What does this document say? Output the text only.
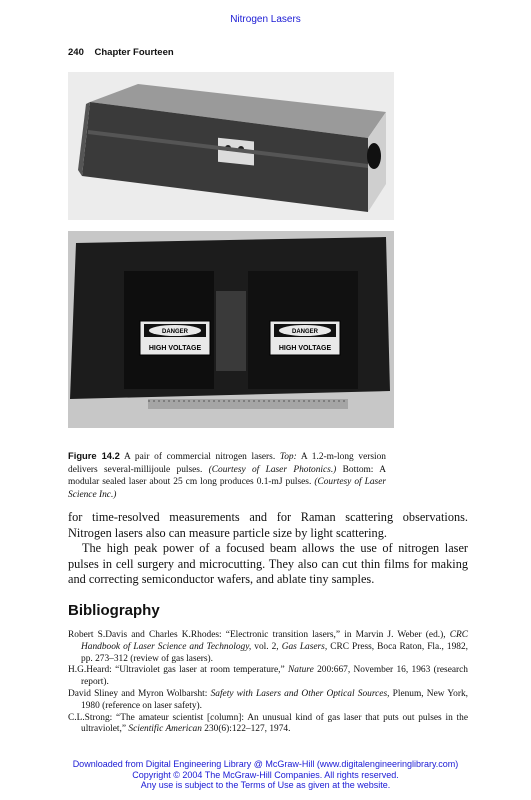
Nitrogen Lasers
240 Chapter Fourteen
DANGER
HIGH VOLTAGE
DANGER
HIGH VOLTAGE
Figure 14.2 A pair of commercial nitrogen lasers. Top: A 1.2-m-long version delivers several-millijoule pulses. (Courtesy of Laser Photonics.) Bottom: A modular sealed laser about 25 cm long produces 0.1-mJ pulses. (Courtesy of Laser Science Inc.)

for time-resolved measurements and for Raman scattering observations. Nitrogen lasers also can measure particle size by light scattering.

The high peak power of a focused beam allows the use of nitrogen laser pulses in cell surgery and microcutting. They also can cut thin films for making and correcting semiconductor wafers, and ablate tiny samples.

Bibliography

Robert S.Davis and Charles K.Rhodes: “Electronic transition lasers,” in Marvin J. Weber (ed.), CRC Handbook of Laser Science and Technology, vol. 2, Gas Lasers, CRC Press, Boca Raton, Fla., 1982, pp. 273–312 (review of gas lasers).

H.G.Heard: “Ultraviolet gas laser at room temperature,” Nature 200:667, November 16, 1963 (research report).

David Sliney and Myron Wolbarsht: Safety with Lasers and Other Optical Sources, Plenum, New York, 1980 (reference on laser safety).

C.L.Strong: “The amateur scientist [column]: An unusual kind of gas laser that puts out pulses in the ultraviolet,” Scientific American 230(6):122–127, 1974.

Downloaded from Digital Engineering Library @ McGraw-Hill (www.digitalengineeringlibrary.com)
Copyright © 2004 The McGraw-Hill Companies. All rights reserved.
Any use is subject to the Terms of Use as given at the website.
